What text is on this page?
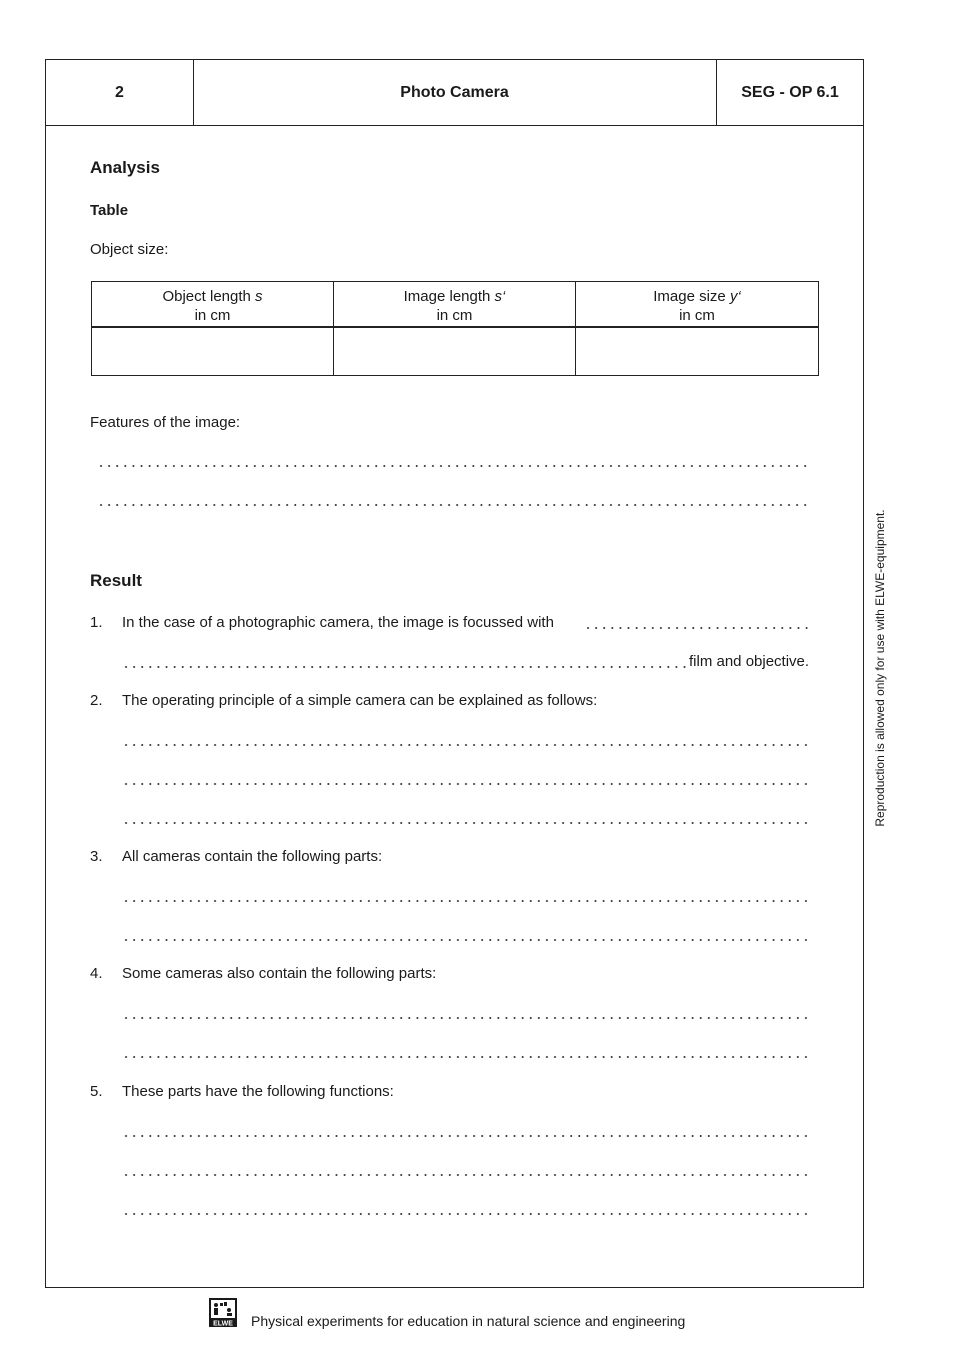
2	Photo Camera	SEG - OP 6.1
Analysis
Table
Object size:
Object length s
in cm
Image length s‘
in cm
Image size y‘
in cm
Features of the image:
Result
1. In the case of a photographic camera, the image is focussed with
film and objective.
2. The operating principle of a simple camera can be explained as follows:
3. All cameras contain the following parts:
4. Some cameras also contain the following parts:
5. These parts have the following functions:
Reproduction is allowed only for use with ELWE-equipment.
ELWE Physical experiments for education in natural science and engineering
